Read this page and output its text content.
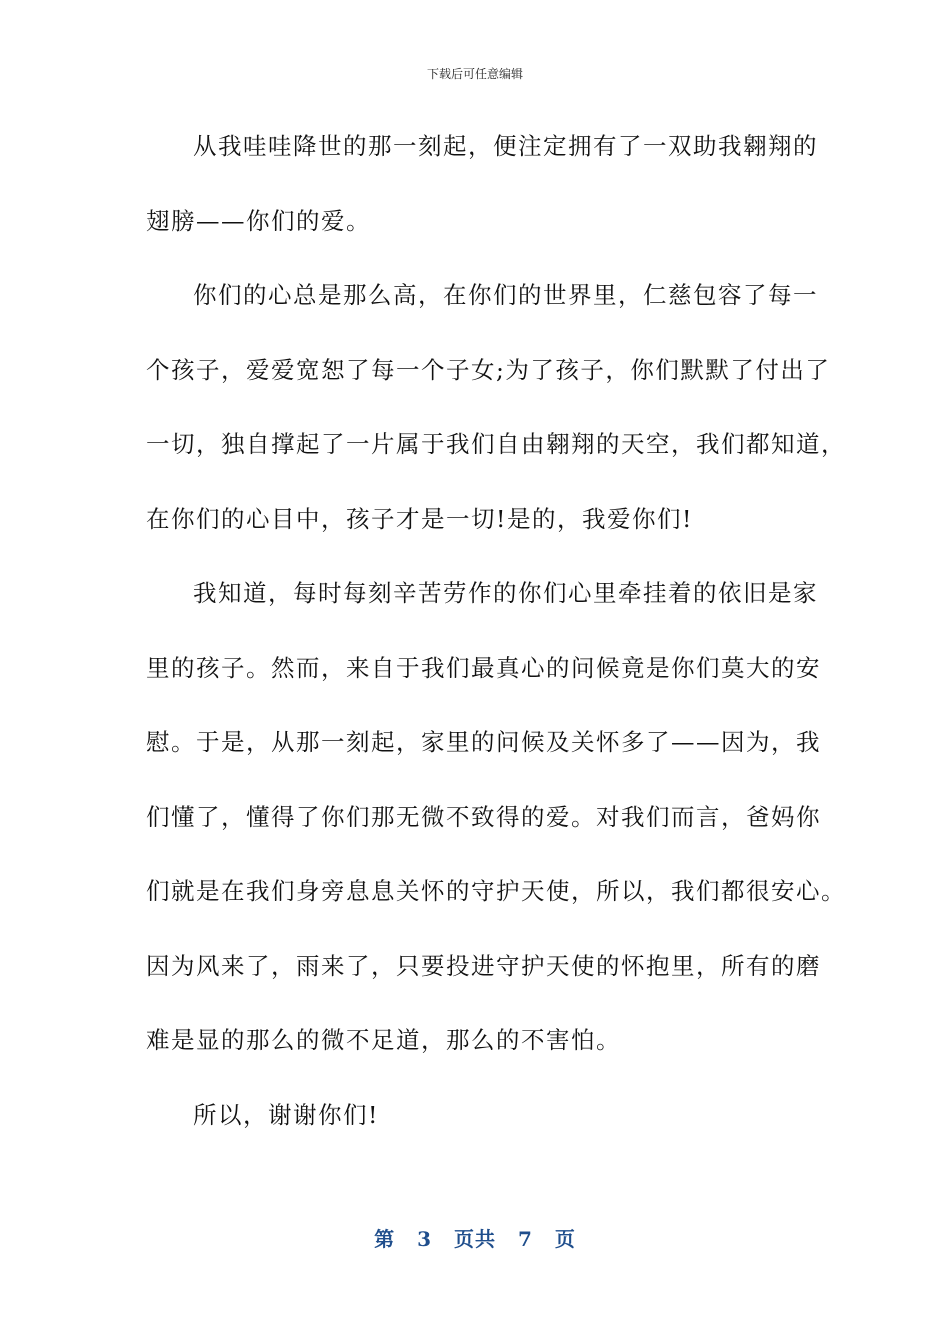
下载后可任意编辑
从我哇哇降世的那一刻起，便注定拥有了一双助我翱翔的
翅膀——你们的爱。
你们的心总是那么高，在你们的世界里，仁慈包容了每一
个孩子，爱爱宽恕了每一个子女;为了孩子，你们默默了付出了
一切，独自撑起了一片属于我们自由翱翔的天空，我们都知道，
在你们的心目中，孩子才是一切!是的，我爱你们!
我知道，每时每刻辛苦劳作的你们心里牵挂着的依旧是家
里的孩子。然而，来自于我们最真心的问候竟是你们莫大的安
慰。于是，从那一刻起，家里的问候及关怀多了——因为，我
们懂了，懂得了你们那无微不致得的爱。对我们而言，爸妈你
们就是在我们身旁息息关怀的守护天使，所以，我们都很安心。
因为风来了，雨来了，只要投进守护天使的怀抱里，所有的磨
难是显的那么的微不足道，那么的不害怕。
所以，谢谢你们!
第 3 页共 7 页
